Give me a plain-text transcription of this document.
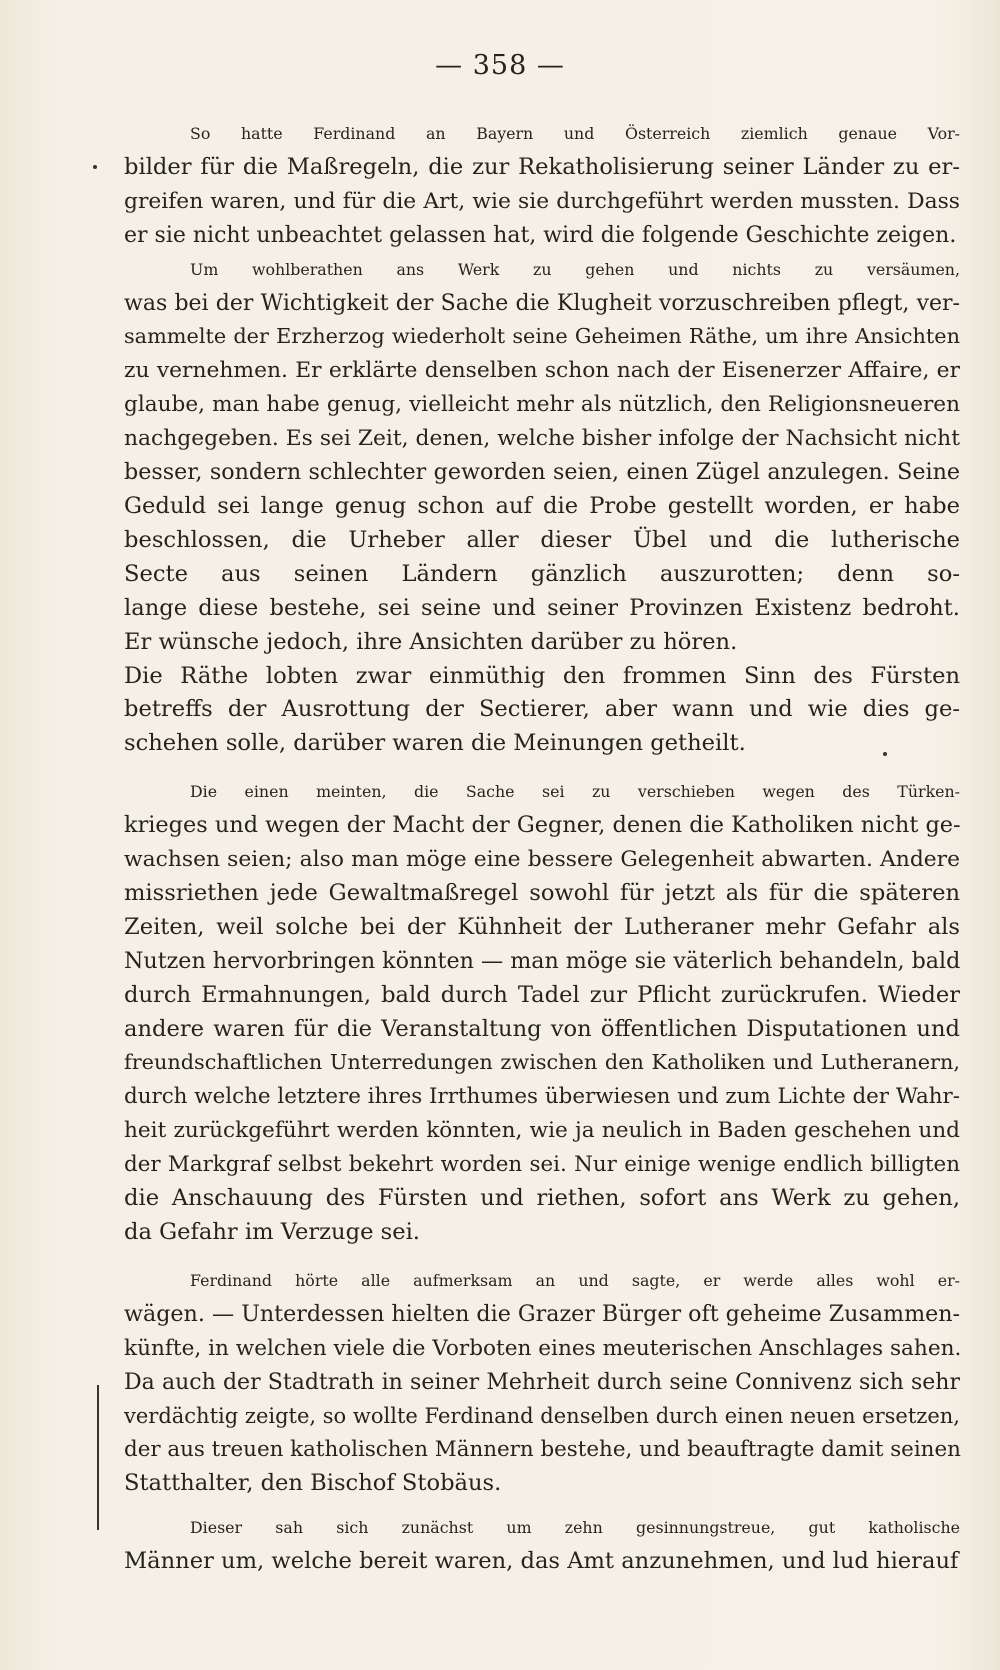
— 358 —
So hatte Ferdinand an Bayern und Österreich ziemlich genaue Vor-
bilder für die Maßregeln, die zur Rekatholisierung seiner Länder zu er-
greifen waren, und für die Art, wie sie durchgeführt werden mussten. Dass
er sie nicht unbeachtet gelassen hat, wird die folgende Geschichte zeigen.
Um wohlberathen ans Werk zu gehen und nichts zu versäumen,
was bei der Wichtigkeit der Sache die Klugheit vorzuschreiben pflegt, ver-
sammelte der Erzherzog wiederholt seine Geheimen Räthe, um ihre Ansichten
zu vernehmen. Er erklärte denselben schon nach der Eisenerzer Affaire, er
glaube, man habe genug, vielleicht mehr als nützlich, den Religionsneueren
nachgegeben. Es sei Zeit, denen, welche bisher infolge der Nachsicht nicht
besser, sondern schlechter geworden seien, einen Zügel anzulegen. Seine
Geduld sei lange genug schon auf die Probe gestellt worden, er habe
beschlossen, die Urheber aller dieser Übel und die lutherische
Secte aus seinen Ländern gänzlich auszurotten; denn so-
lange diese bestehe, sei seine und seiner Provinzen Existenz bedroht.
Er wünsche jedoch, ihre Ansichten darüber zu hören.
Die Räthe lobten zwar einmüthig den frommen Sinn des Fürsten
betreffs der Ausrottung der Sectierer, aber wann und wie dies ge-
schehen solle, darüber waren die Meinungen getheilt.
Die einen meinten, die Sache sei zu verschieben wegen des Türken-
krieges und wegen der Macht der Gegner, denen die Katholiken nicht ge-
wachsen seien; also man möge eine bessere Gelegenheit abwarten. Andere
missriethen jede Gewaltmaßregel sowohl für jetzt als für die späteren
Zeiten, weil solche bei der Kühnheit der Lutheraner mehr Gefahr als
Nutzen hervorbringen könnten — man möge sie väterlich behandeln, bald
durch Ermahnungen, bald durch Tadel zur Pflicht zurückrufen. Wieder
andere waren für die Veranstaltung von öffentlichen Disputationen und
freundschaftlichen Unterredungen zwischen den Katholiken und Lutheranern,
durch welche letztere ihres Irrthumes überwiesen und zum Lichte der Wahr-
heit zurückgeführt werden könnten, wie ja neulich in Baden geschehen und
der Markgraf selbst bekehrt worden sei. Nur einige wenige endlich billigten
die Anschauung des Fürsten und riethen, sofort ans Werk zu gehen,
da Gefahr im Verzuge sei.
Ferdinand hörte alle aufmerksam an und sagte, er werde alles wohl er-
wägen. — Unterdessen hielten die Grazer Bürger oft geheime Zusammen-
künfte, in welchen viele die Vorboten eines meuterischen Anschlages sahen.
Da auch der Stadtrath in seiner Mehrheit durch seine Connivenz sich sehr
verdächtig zeigte, so wollte Ferdinand denselben durch einen neuen ersetzen,
der aus treuen katholischen Männern bestehe, und beauftragte damit seinen
Statthalter, den Bischof Stobäus.
Dieser sah sich zunächst um zehn gesinnungstreue, gut katholische
Männer um, welche bereit waren, das Amt anzunehmen, und lud hierauf
